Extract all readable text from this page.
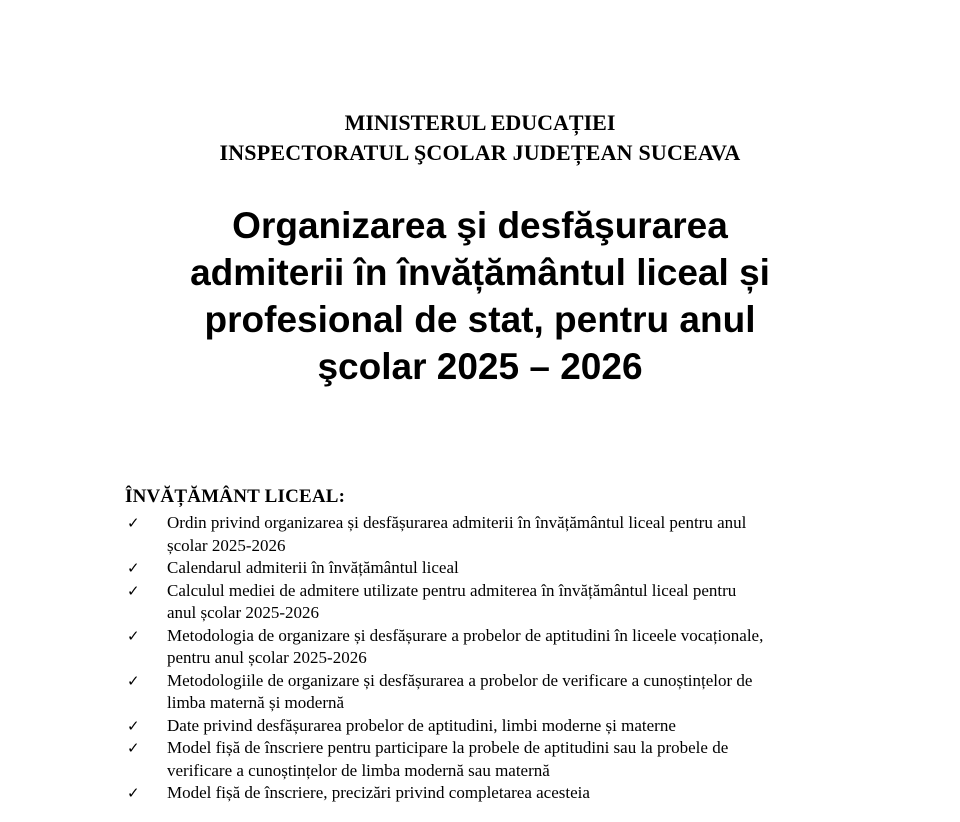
MINISTERUL EDUCAȚIEI
INSPECTORATUL ŞCOLAR JUDEȚEAN SUCEAVA
Organizarea şi desfăşurarea
admiterii în învățământul liceal și
profesional de stat, pentru anul
şcolar 2025 – 2026
ÎNVĂȚĂMÂNT LICEAL:
✓ Ordin privind organizarea și desfășurarea admiterii în învățământul liceal pentru anul
școlar 2025-2026
✓ Calendarul admiterii în învățământul liceal
✓ Calculul mediei de admitere utilizate pentru admiterea în învățământul liceal pentru
anul școlar 2025-2026
✓ Metodologia de organizare și desfășurare a probelor de aptitudini în liceele vocaționale,
pentru anul școlar 2025-2026
✓ Metodologiile de organizare și desfășurarea a probelor de verificare a cunoștințelor de
limba maternă și modernă
✓ Date privind desfășurarea probelor de aptitudini, limbi moderne și materne
✓ Model fișă de înscriere pentru participare la probele de aptitudini sau la probele de
verificare a cunoștințelor de limba modernă sau maternă
✓ Model fișă de înscriere, precizări privind completarea acesteia
